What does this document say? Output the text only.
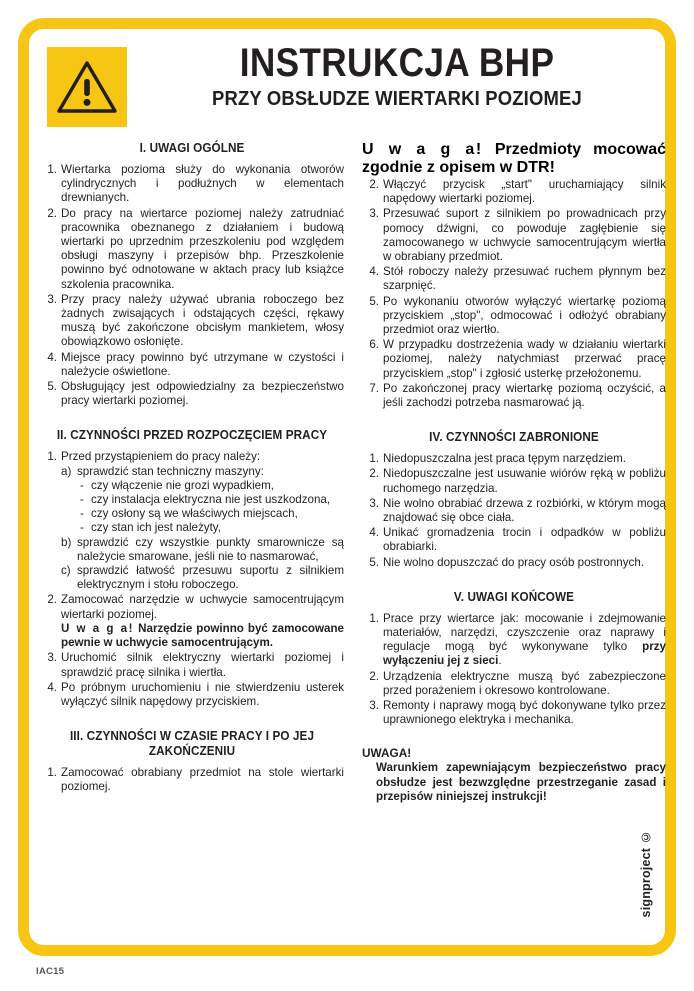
INSTRUKCJA BHP
PRZY OBSŁUDZE WIERTARKI POZIOMEJ
I. UWAGI OGÓLNE
Wiertarka pozioma służy do wykonania otworów cylindrycznych i podłużnych w elementach drewnianych.
Do pracy na wiertarce poziomej należy zatrudniać pracownika obeznanego z działaniem i budową wiertarki po uprzednim przeszkoleniu pod względem obsługi maszyny i przepisów bhp. Przeszkolenie powinno być odnotowane w aktach pracy lub książce szkolenia pracownika.
Przy pracy należy używać ubrania roboczego bez żadnych zwisających i odstających części, rękawy muszą być zakończone obcisłym mankietem, włosy obowiązkowo osłonięte.
Miejsce pracy powinno być utrzymane w czystości i należycie oświetlone.
Obsługujący jest odpowiedzialny za bezpieczeństwo pracy wiertarki poziomej.
II. CZYNNOŚCI PRZED ROZPOCZĘCIEM PRACY
Przed przystąpieniem do pracy należy:
a) sprawdzić stan techniczny maszyny:
- czy włączenie nie grozi wypadkiem,
- czy instalacja elektryczna nie jest uszkodzona,
- czy osłony są we właściwych miejscach,
- czy stan ich jest należyty,
b) sprawdzić czy wszystkie punkty smarownicze są należycie smarowane, jeśli nie to nasmarować,
c) sprawdzić łatwość przesuwu suportu z silnikiem elektrycznym i stołu roboczego.
Zamocować narzędzie w uchwycie samocentrującym wiertarki poziomej.
U w a g a! Narzędzie powinno być zamocowane pewnie w uchwycie samocentrującym.
Uruchomić silnik elektryczny wiertarki poziomej i sprawdzić pracę silnika i wiertła.
Po próbnym uruchomieniu i nie stwierdzeniu usterek wyłączyć silnik napędowy przyciskiem.
III. CZYNNOŚCI W CZASIE PRACY I PO JEJ
ZAKOŃCZENIU
Zamocować obrabiany przedmiot na stole wiertarki poziomej.
U w a g a! Przedmioty mocować zgodnie z opisem w DTR!
Włączyć przycisk „start" uruchamiający silnik napędowy wiertarki poziomej.
Przesuwać suport z silnikiem po prowadnicach przy pomocy dźwigni, co powoduje zagłębienie się zamocowanego w uchwycie samocentrującym wiertła w obrabiany przedmiot.
Stół roboczy należy przesuwać ruchem płynnym bez szarpnięć.
Po wykonaniu otworów wyłączyć wiertarkę poziomą przyciskiem „stop", odmocować i odłożyć obrabiany przedmiot oraz wiertło.
W przypadku dostrzeżenia wady w działaniu wiertarki poziomej, należy natychmiast przerwać pracę przyciskiem „stop" i zgłosić usterkę przełożonemu.
Po zakończonej pracy wiertarkę poziomą oczyścić, a jeśli zachodzi potrzeba nasmarować ją.
IV. CZYNNOŚCI ZABRONIONE
Niedopuszczalna jest praca tępym narzędziem.
Niedopuszczalne jest usuwanie wiórów ręką w pobliżu ruchomego narzędzia.
Nie wolno obrabiać drzewa z rozbiórki, w którym mogą znajdować się obce ciała.
Unikać gromadzenia trocin i odpadków w pobliżu obrabiarki.
Nie wolno dopuszczać do pracy osób postronnych.
V. UWAGI KOŃCOWE
Prace przy wiertarce jak: mocowanie i zdejmowanie materiałów, narzędzi, czyszczenie oraz naprawy i regulacje mogą być wykonywane tylko przy wyłączeniu jej z sieci.
Urządzenia elektryczne muszą być zabezpieczone przed porażeniem i okresowo kontrolowane.
Remonty i naprawy mogą być dokonywane tylko przez uprawnionego elektryka i mechanika.
UWAGA!
Warunkiem zapewniającym bezpieczeństwo pracy obsłudze jest bezwzględne przestrzeganie zasad i przepisów niniejszej instrukcji!
signproject ©
IAC15
